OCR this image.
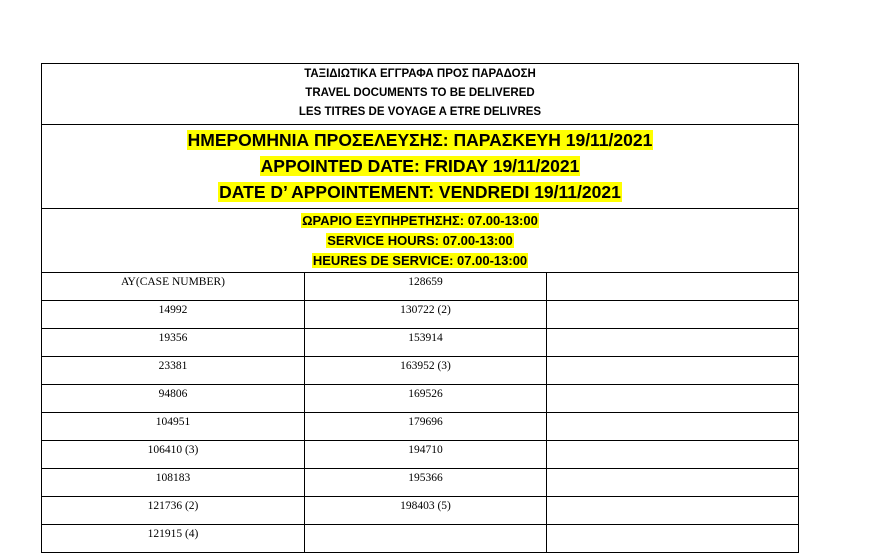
ΤΑΞΙΔΙΩΤΙΚΑ ΕΓΓΡΑΦΑ ΠΡΟΣ ΠΑΡΑΔΟΣΗ
TRAVEL DOCUMENTS TO BE DELIVERED
LES TITRES DE VOYAGE A ETRE DELIVRES		

ΗΜΕΡΟΜΗΝΙΑ ΠΡΟΣΕΛΕΥΣΗΣ: ΠΑΡΑΣΚΕΥΗ 19/11/2021
APPOINTED DATE: FRIDAY 19/11/2021
DATE D’ APPOINTEMENT: VENDREDI 19/11/2021		

ΩΡΑΡΙΟ ΕΞΥΠΗΡΕΤΗΣΗΣ: 07.00-13:00
SERVICE HOURS: 07.00-13:00
HEURES DE SERVICE: 07.00-13:00		

ΑΥ(CASE NUMBER)	128659	
14992	130722 (2)	
19356	153914	
23381	163952 (3)	
94806	169526	
104951	179696	
106410 (3)	194710	
108183	195366	
121736 (2)	198403 (5)	
121915 (4)		
